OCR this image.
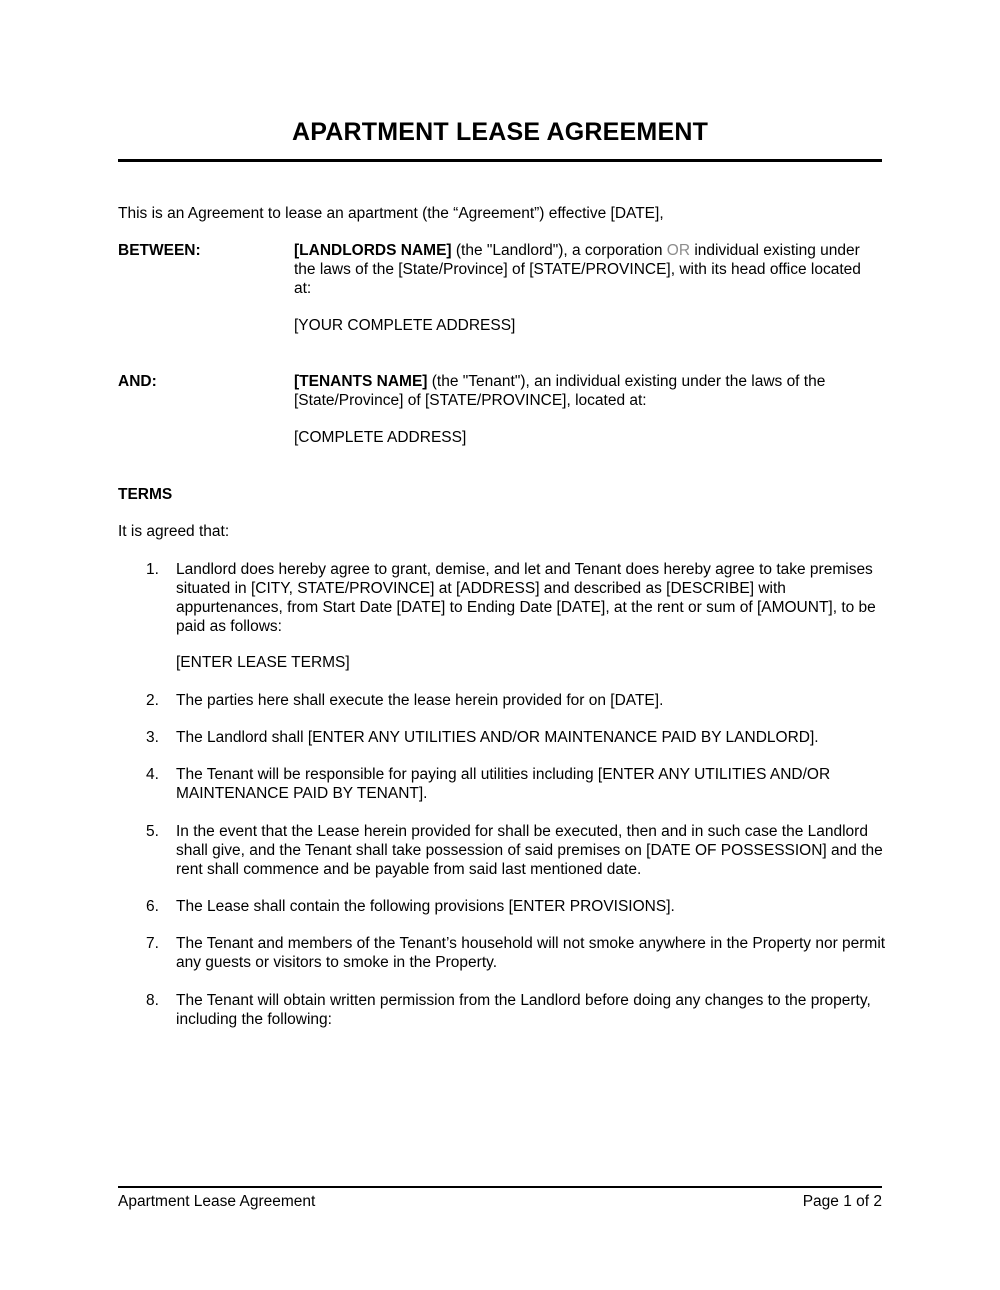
APARTMENT LEASE AGREEMENT
This is an Agreement to lease an apartment (the “Agreement”) effective [DATE],
BETWEEN:	[LANDLORDS NAME] (the "Landlord"), a corporation OR individual existing under the laws of the [State/Province] of [STATE/PROVINCE], with its head office located at:
[YOUR COMPLETE ADDRESS]
AND:	[TENANTS NAME] (the "Tenant"), an individual existing under the laws of the [State/Province] of [STATE/PROVINCE], located at:
[COMPLETE ADDRESS]
TERMS
It is agreed that:
1.	Landlord does hereby agree to grant, demise, and let and Tenant does hereby agree to take premises situated in [CITY, STATE/PROVINCE] at [ADDRESS] and described as [DESCRIBE] with appurtenances, from Start Date [DATE] to Ending Date [DATE], at the rent or sum of [AMOUNT], to be paid as follows:
[ENTER LEASE TERMS]
2.	The parties here shall execute the lease herein provided for on [DATE].
3.	The Landlord shall [ENTER ANY UTILITIES AND/OR MAINTENANCE PAID BY LANDLORD].
4.	The Tenant will be responsible for paying all utilities including [ENTER ANY UTILITIES AND/OR MAINTENANCE PAID BY TENANT].
5.	In the event that the Lease herein provided for shall be executed, then and in such case the Landlord shall give, and the Tenant shall take possession of said premises on [DATE OF POSSESSION] and the rent shall commence and be payable from said last mentioned date.
6.	The Lease shall contain the following provisions [ENTER PROVISIONS].
7.	The Tenant and members of the Tenant’s household will not smoke anywhere in the Property nor permit any guests or visitors to smoke in the Property.
8.	The Tenant will obtain written permission from the Landlord before doing any changes to the property, including the following:
Apartment Lease Agreement	Page 1 of 2
